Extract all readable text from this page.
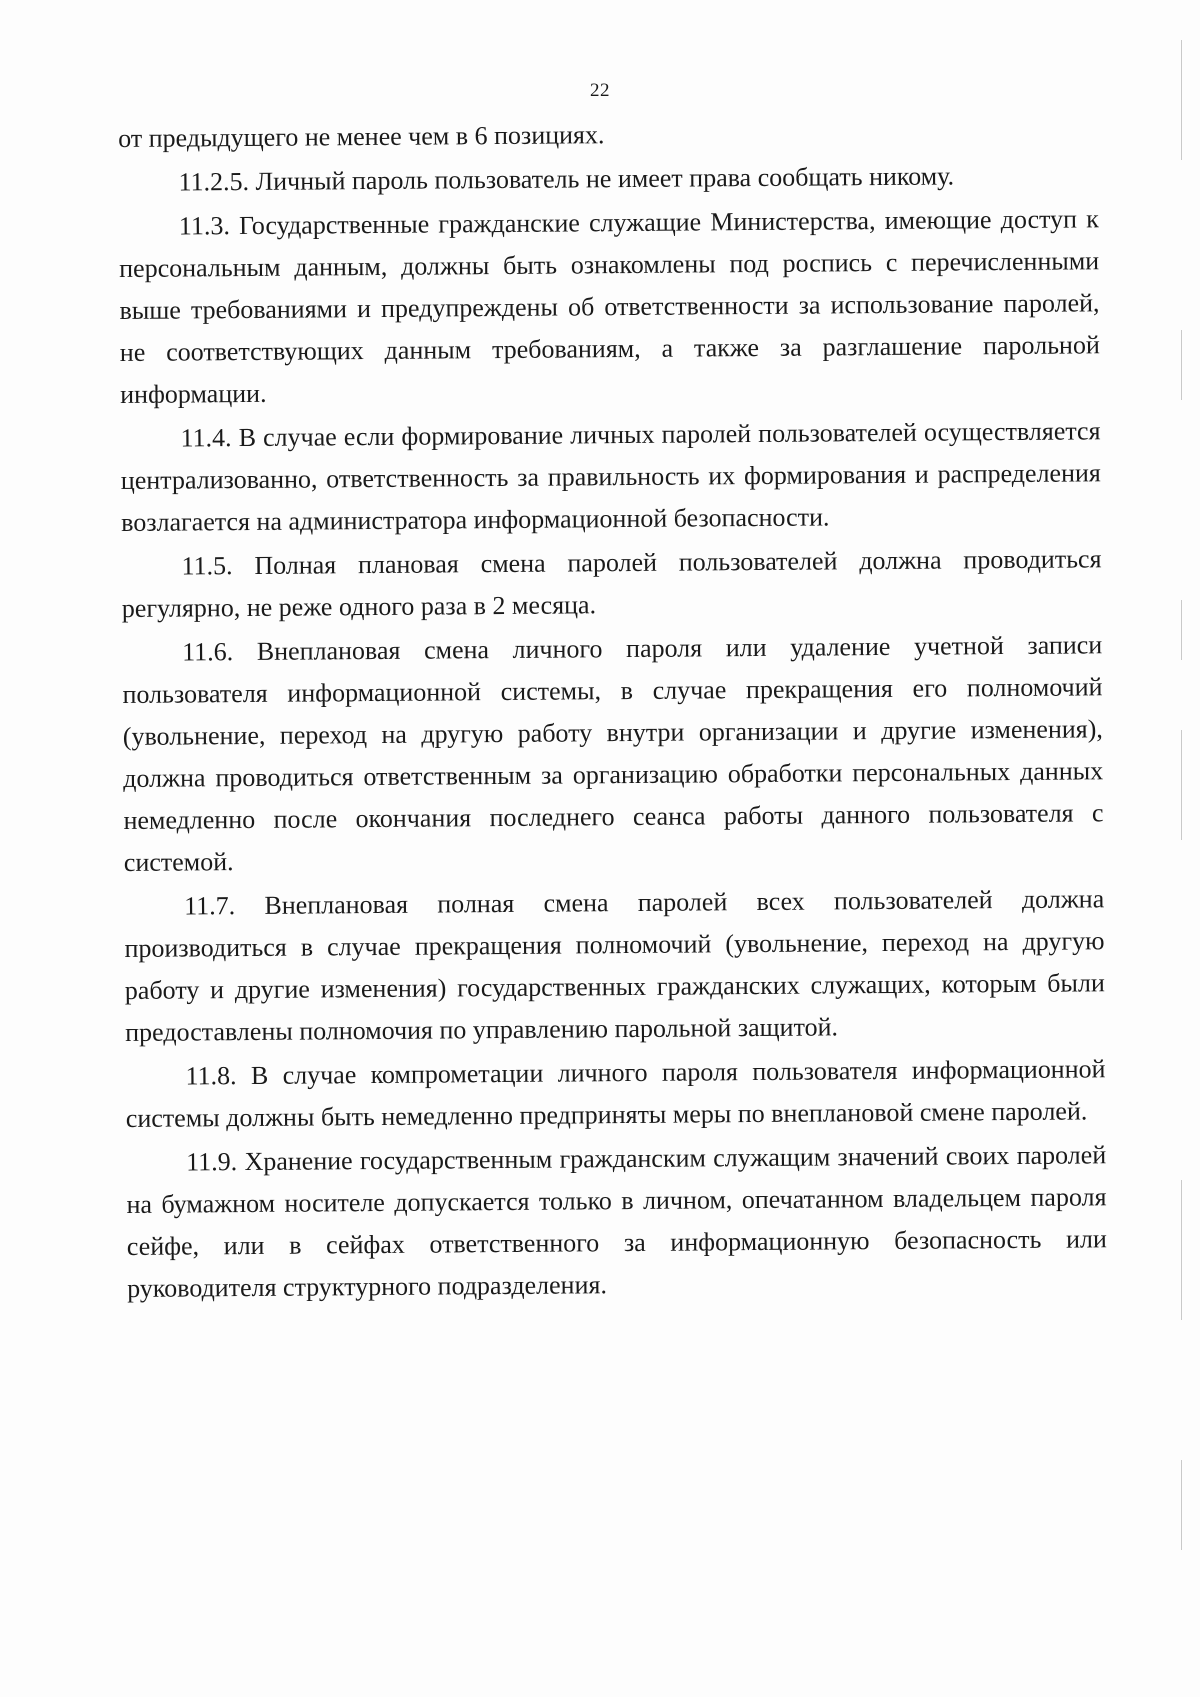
22

от предыдущего не менее чем в 6 позициях.

11.2.5. Личный пароль пользователь не имеет права сообщать никому.

11.3. Государственные гражданские служащие Министерства, имеющие доступ к персональным данным, должны быть ознакомлены под роспись с перечисленными выше требованиями и предупреждены об ответственности за использование паролей, не соответствующих данным требованиям, а также за разглашение парольной информации.

11.4. В случае если формирование личных паролей пользователей осуществляется централизованно, ответственность за правильность их формирования и распределения возлагается на администратора информационной безопасности.

11.5. Полная плановая смена паролей пользователей должна проводиться регулярно, не реже одного раза в 2 месяца.

11.6. Внеплановая смена личного пароля или удаление учетной записи пользователя информационной системы, в случае прекращения его полномочий (увольнение, переход на другую работу внутри организации и другие изменения), должна проводиться ответственным за организацию обработки персональных данных немедленно после окончания последнего сеанса работы данного пользователя с системой.

11.7. Внеплановая полная смена паролей всех пользователей должна производиться в случае прекращения полномочий (увольнение, переход на другую работу и другие изменения) государственных гражданских служащих, которым были предоставлены полномочия по управлению парольной защитой.

11.8. В случае компрометации личного пароля пользователя информационной системы должны быть немедленно предприняты меры по внеплановой смене паролей.

11.9. Хранение государственным гражданским служащим значений своих паролей на бумажном носителе допускается только в личном, опечатанном владельцем пароля сейфе, или в сейфах ответственного за информационную безопасность или руководителя структурного подразделения.
